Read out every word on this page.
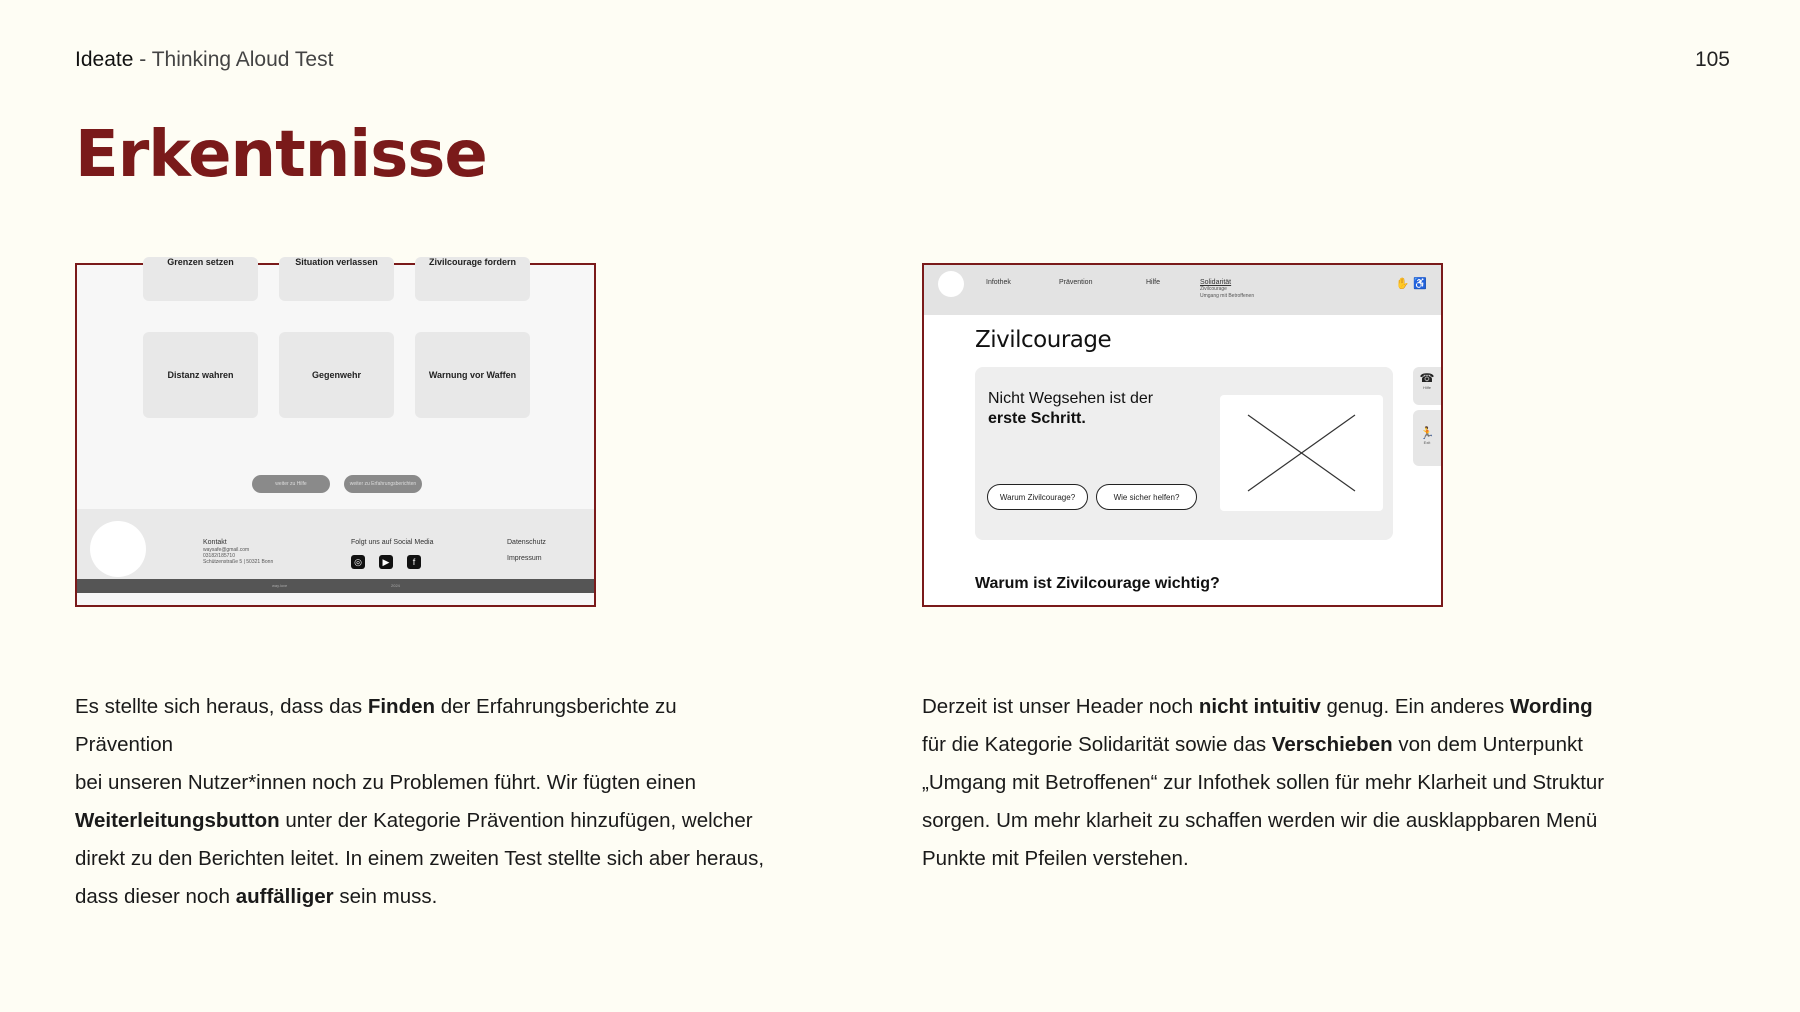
Ideate - Thinking Aloud Test	105
Erkentnisse
Grenzen setzen	Situation verlassen	Zivilcourage fordern
Distanz wahren	Gegenwehr	Warnung vor Waffen
weiter zu Hilfe	weiter zu Erfahrungsberichten
Kontakt
waysafe@gmail.com
03182/185710
Schützenstraße 5 | 50321 Bonn
Folgt uns auf Social Media
◎ ▶	f
Datenschutz
Impressum
way.love	2024
Infothek	Prävention	Hilfe	Solidarität
Zivilcourage
Umgang mit Betroffenen
✋♿
Zivilcourage
Nicht Wegsehen ist der
erste Schritt.
Warum Zivilcourage?	Wie sicher helfen?
☎
Hilfe
🏃
Exit
Warum ist Zivilcourage wichtig?
Es stellte sich heraus, dass das Finden der Erfahrungsberichte zu Prävention
bei unseren Nutzer*innen noch zu Problemen führt. Wir fügten einen
Weiterleitungsbutton unter der Kategorie Prävention hinzufügen, welcher
direkt zu den Berichten leitet. In einem zweiten Test stellte sich aber heraus,
dass dieser noch auffälliger sein muss.
Derzeit ist unser Header noch nicht intuitiv genug. Ein anderes Wording
für die Kategorie Solidarität sowie das Verschieben von dem Unterpunkt
„Umgang mit Betroffenen“ zur Infothek sollen für mehr Klarheit und Struktur
sorgen. Um mehr klarheit zu schaffen werden wir die ausklappbaren Menü
Punkte mit Pfeilen verstehen.
